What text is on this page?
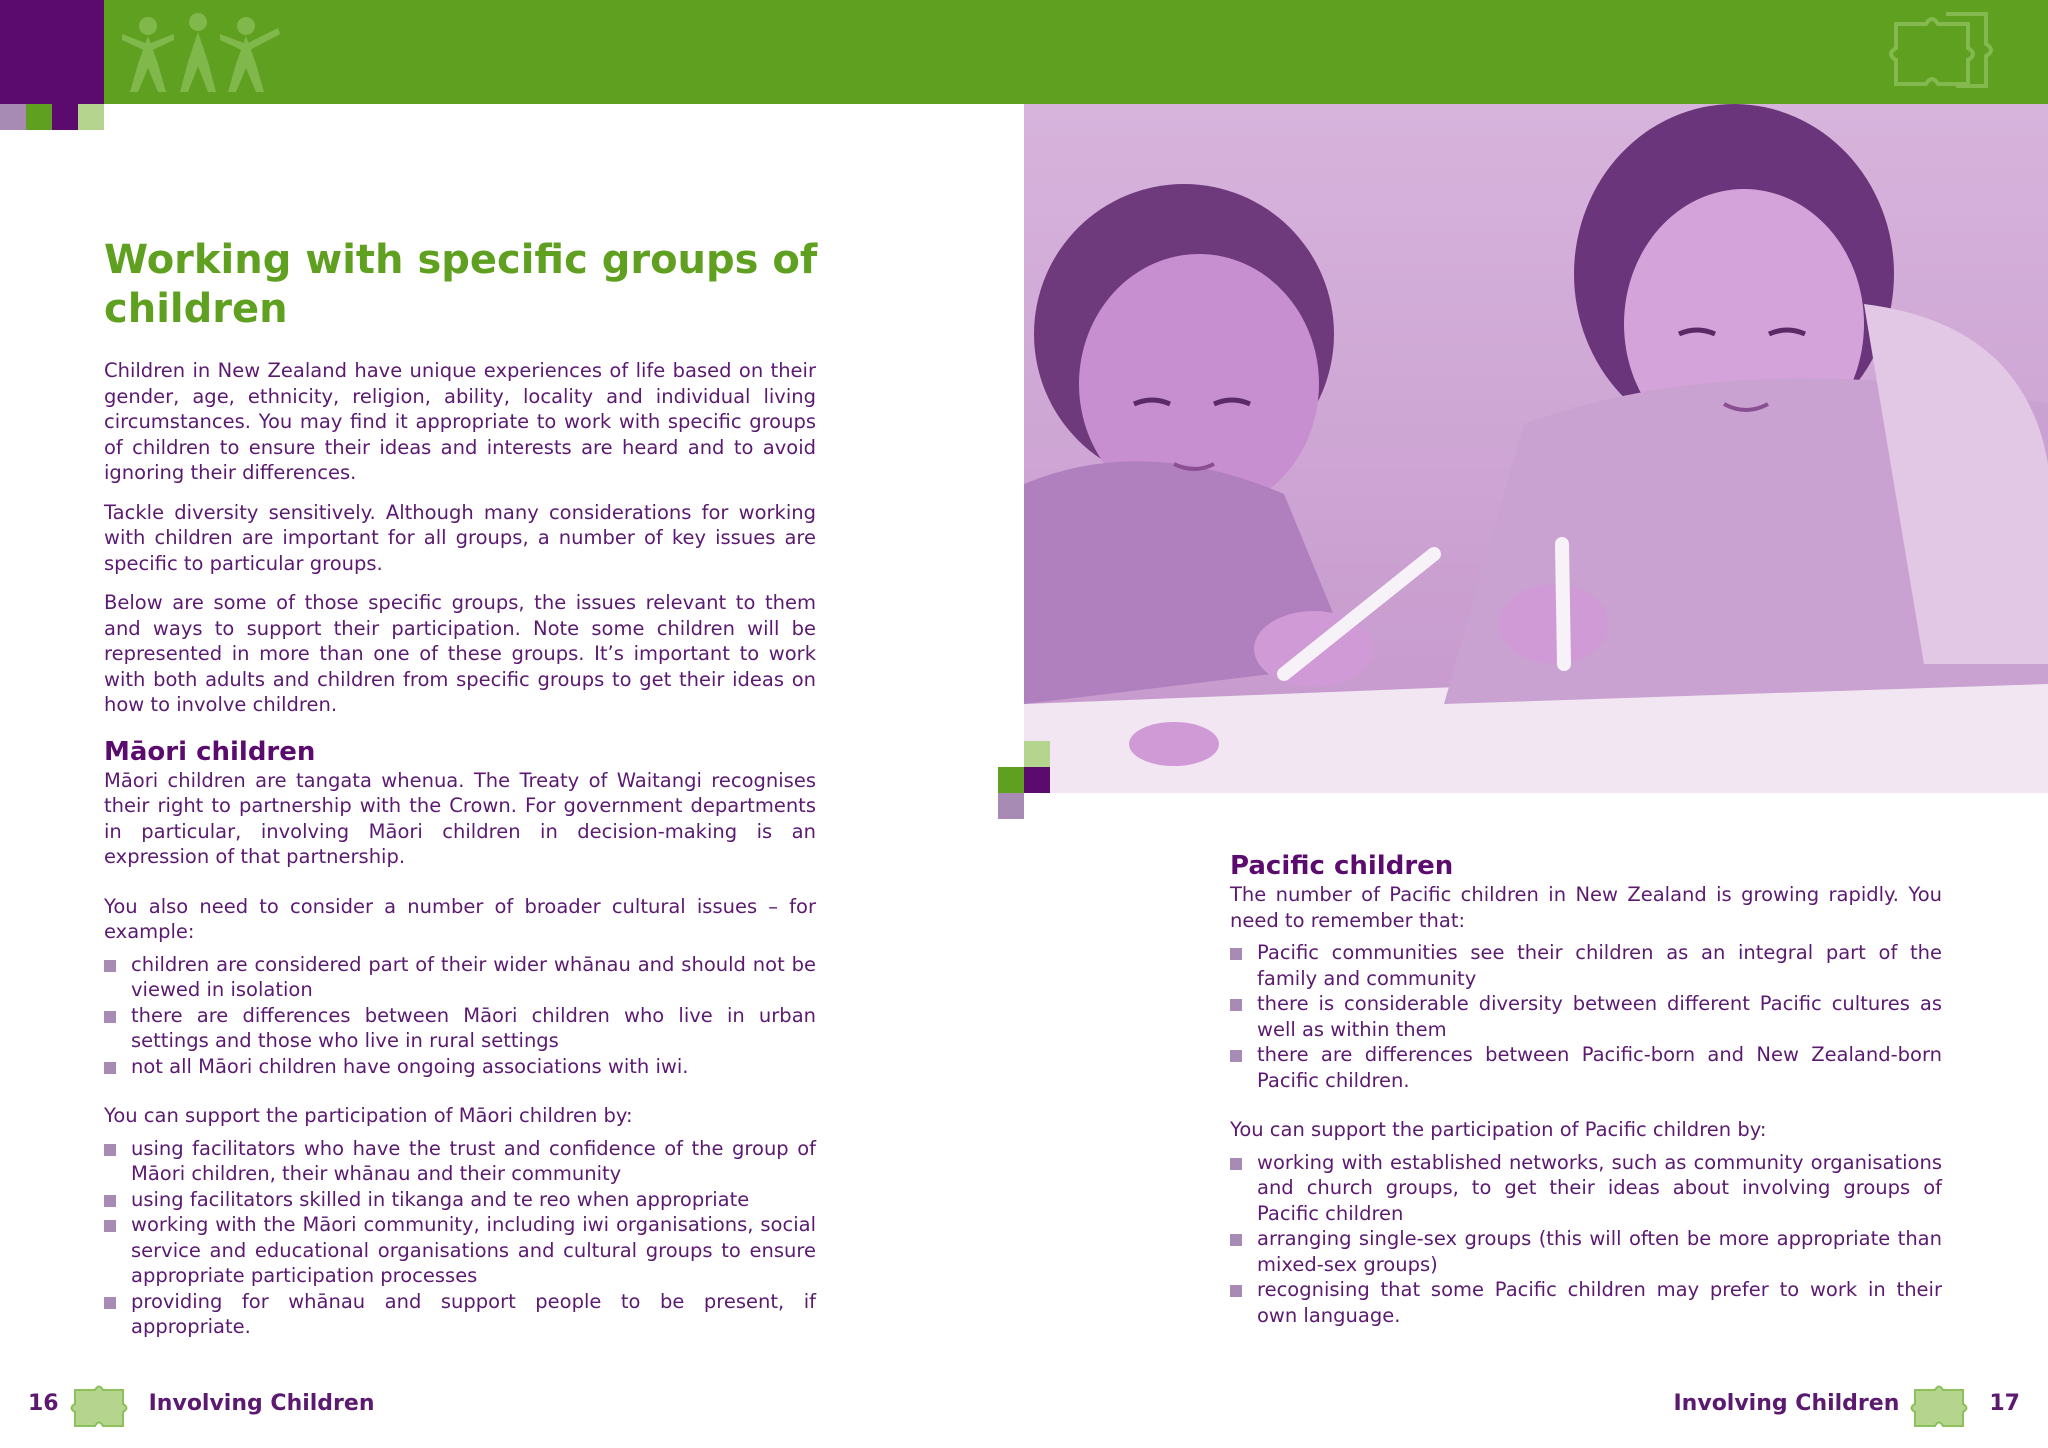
Working with specific groups of children

Children in New Zealand have unique experiences of life based on their gender, age, ethnicity, religion, ability, locality and individual living circumstances. You may find it appropriate to work with specific groups of children to ensure their ideas and interests are heard and to avoid ignoring their differences.

Tackle diversity sensitively. Although many considerations for working with children are important for all groups, a number of key issues are specific to particular groups.

Below are some of those specific groups, the issues relevant to them and ways to support their participation. Note some children will be represented in more than one of these groups. It’s important to work with both adults and children from specific groups to get their ideas on how to involve children.

Māori children

Māori children are tangata whenua. The Treaty of Waitangi recognises their right to partnership with the Crown. For government departments in particular, involving Māori children in decision-making is an expression of that partnership.

You also need to consider a number of broader cultural issues – for example:

children are considered part of their wider whānau and should not be viewed in isolation
there are differences between Māori children who live in urban settings and those who live in rural settings
not all Māori children have ongoing associations with iwi.

You can support the participation of Māori children by:

using facilitators who have the trust and confidence of the group of Māori children, their whānau and their community
using facilitators skilled in tikanga and te reo when appropriate
working with the Māori community, including iwi organisations, social service and educational organisations and cultural groups to ensure appropriate participation processes
providing for whānau and support people to be present, if appropriate.
Pacific children

The number of Pacific children in New Zealand is growing rapidly. You need to remember that:

Pacific communities see their children as an integral part of the family and community
there is considerable diversity between different Pacific cultures as well as within them
there are differences between Pacific-born and New Zealand-born Pacific children.

You can support the participation of Pacific children by:

working with established networks, such as community organisations and church groups, to get their ideas about involving groups of Pacific children
arranging single-sex groups (this will often be more appropriate than mixed-sex groups)
recognising that some Pacific children may prefer to work in their own language.
16	Involving Children	Involving Children	17
